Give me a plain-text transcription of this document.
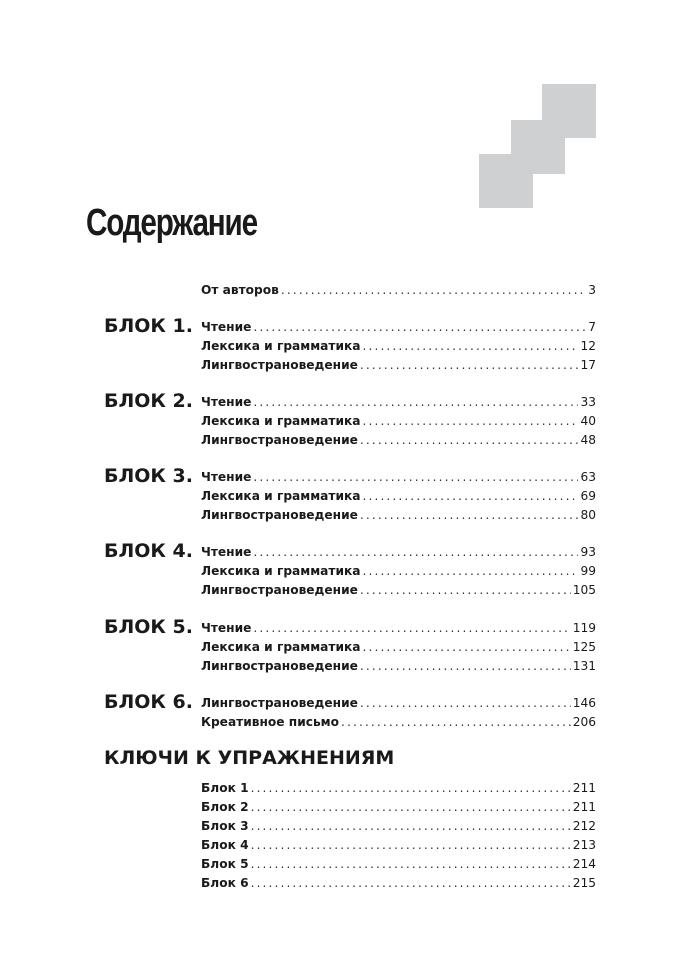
Содержание
От авторов .....	3
БЛОК 1. Чтение .....	7
Лексика и грамматика .....	12
Лингвострановедение .....	17
БЛОК 2. Чтение .....	33
Лексика и грамматика .....	40
Лингвострановедение .....	48
БЛОК 3. Чтение .....	63
Лексика и грамматика .....	69
Лингвострановедение .....	80
БЛОК 4. Чтение .....	93
Лексика и грамматика .....	99
Лингвострановедение .....	105
БЛОК 5. Чтение .....	119
Лексика и грамматика .....	125
Лингвострановедение .....	131
БЛОК 6. Лингвострановедение .....	146
Креативное письмо .....	206
КЛЮЧИ К УПРАЖНЕНИЯМ
Блок 1 .....	211
Блок 2 .....	211
Блок 3 .....	212
Блок 4 .....	213
Блок 5 .....	214
Блок 6 .....	215
